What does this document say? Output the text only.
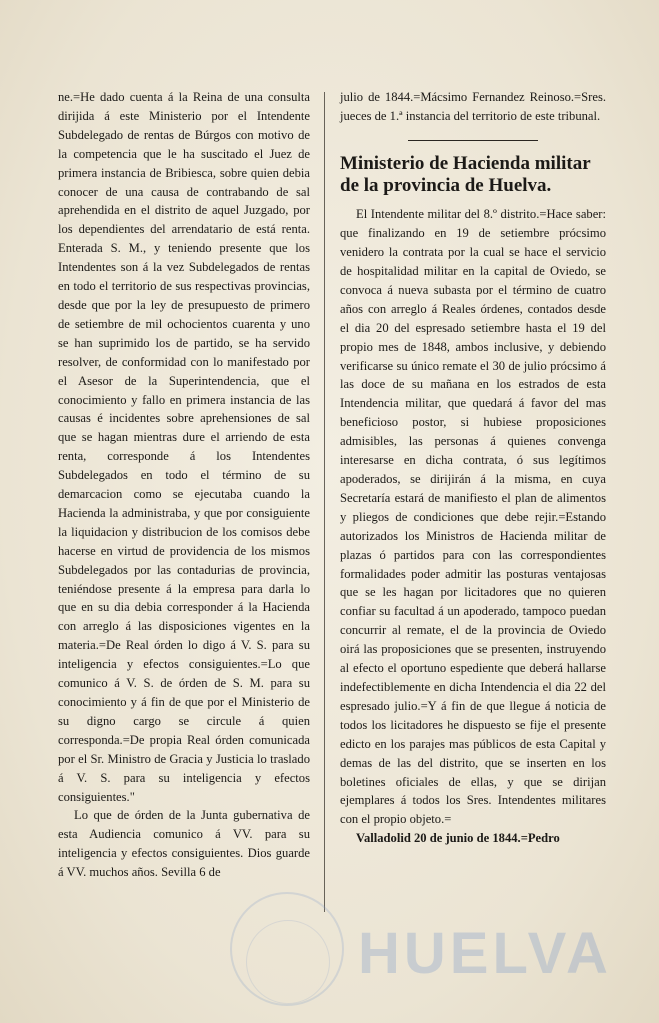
ne.=He dado cuenta á la Reina de una consulta dirijida á este Ministerio por el Intendente Subdelegado de rentas de Búrgos con motivo de la competencia que le ha suscitado el Juez de primera instancia de Bribiesca, sobre quien debia conocer de una causa de contrabando de sal aprehendida en el distrito de aquel Juzgado, por los dependientes del arrendatario de está renta. Enterada S. M., y teniendo presente que los Intendentes son á la vez Subdelegados de rentas en todo el territorio de sus respectivas provincias, desde que por la ley de presupuesto de primero de setiembre de mil ochocientos cuarenta y uno se han suprimido los de partido, se ha servido resolver, de conformidad con lo manifestado por el Asesor de la Superintendencia, que el conocimiento y fallo en primera instancia de las causas é incidentes sobre aprehensiones de sal que se hagan mientras dure el arriendo de esta renta, corresponde á los Intendentes Subdelegados en todo el término de su demarcacion como se ejecutaba cuando la Hacienda la administraba, y que por consiguiente la liquidacion y distribucion de los comisos debe hacerse en virtud de providencia de los mismos Subdelegados por las contadurias de provincia, teniéndose presente á la empresa para darla lo que en su dia debia corresponder á la Hacienda con arreglo á las disposiciones vigentes en la materia.=De Real órden lo digo á V. S. para su inteligencia y efectos consiguientes.=Lo que comunico á V. S. de órden de S. M. para su conocimiento y á fin de que por el Ministerio de su digno cargo se circule á quien corresponda.=De propia Real órden comunicada por el Sr. Ministro de Gracia y Justicia lo traslado á V. S. para su inteligencia y efectos consiguientes."

Lo que de órden de la Junta gubernativa de esta Audiencia comunico á VV. para su inteligencia y efectos consiguientes. Dios guarde á VV. muchos años. Sevilla 6 de

julio de 1844.=Mácsimo Fernandez Reinoso.=Sres. jueces de 1.ª instancia del territorio de este tribunal.

Ministerio de Hacienda militar de la provincia de Huelva.

El Intendente militar del 8.º distrito.=Hace saber: que finalizando en 19 de setiembre prócsimo venidero la contrata por la cual se hace el servicio de hospitalidad militar en la capital de Oviedo, se convoca á nueva subasta por el término de cuatro años con arreglo á Reales órdenes, contados desde el dia 20 del espresado setiembre hasta el 19 del propio mes de 1848, ambos inclusive, y debiendo verificarse su único remate el 30 de julio prócsimo á las doce de su mañana en los estrados de esta Intendencia militar, que quedará á favor del mas beneficioso postor, si hubiese proposiciones admisibles, las personas á quienes convenga interesarse en dicha contrata, ó sus legítimos apoderados, se dirijirán á la misma, en cuya Secretaría estará de manifiesto el plan de alimentos y pliegos de condiciones que debe rejir.=Estando autorizados los Ministros de Hacienda militar de plazas ó partidos para con las correspondientes formalidades poder admitir las posturas ventajosas que se les hagan por licitadores que no quieren confiar su facultad á un apoderado, tampoco puedan concurrir al remate, el de la provincia de Oviedo oirá las proposiciones que se presenten, instruyendo al efecto el oportuno espediente que deberá hallarse indefectiblemente en dicha Intendencia el dia 22 del espresado julio.=Y á fin de que llegue á noticia de todos los licitadores he dispuesto se fije el presente edicto en los parajes mas públicos de esta Capital y demas de las del distrito, que se inserten en los boletines oficiales de ellas, y que se dirijan ejemplares á todos los Sres. Intendentes militares con el propio objeto.=

Valladolid 20 de junio de 1844.=Pedro

HUELVA
